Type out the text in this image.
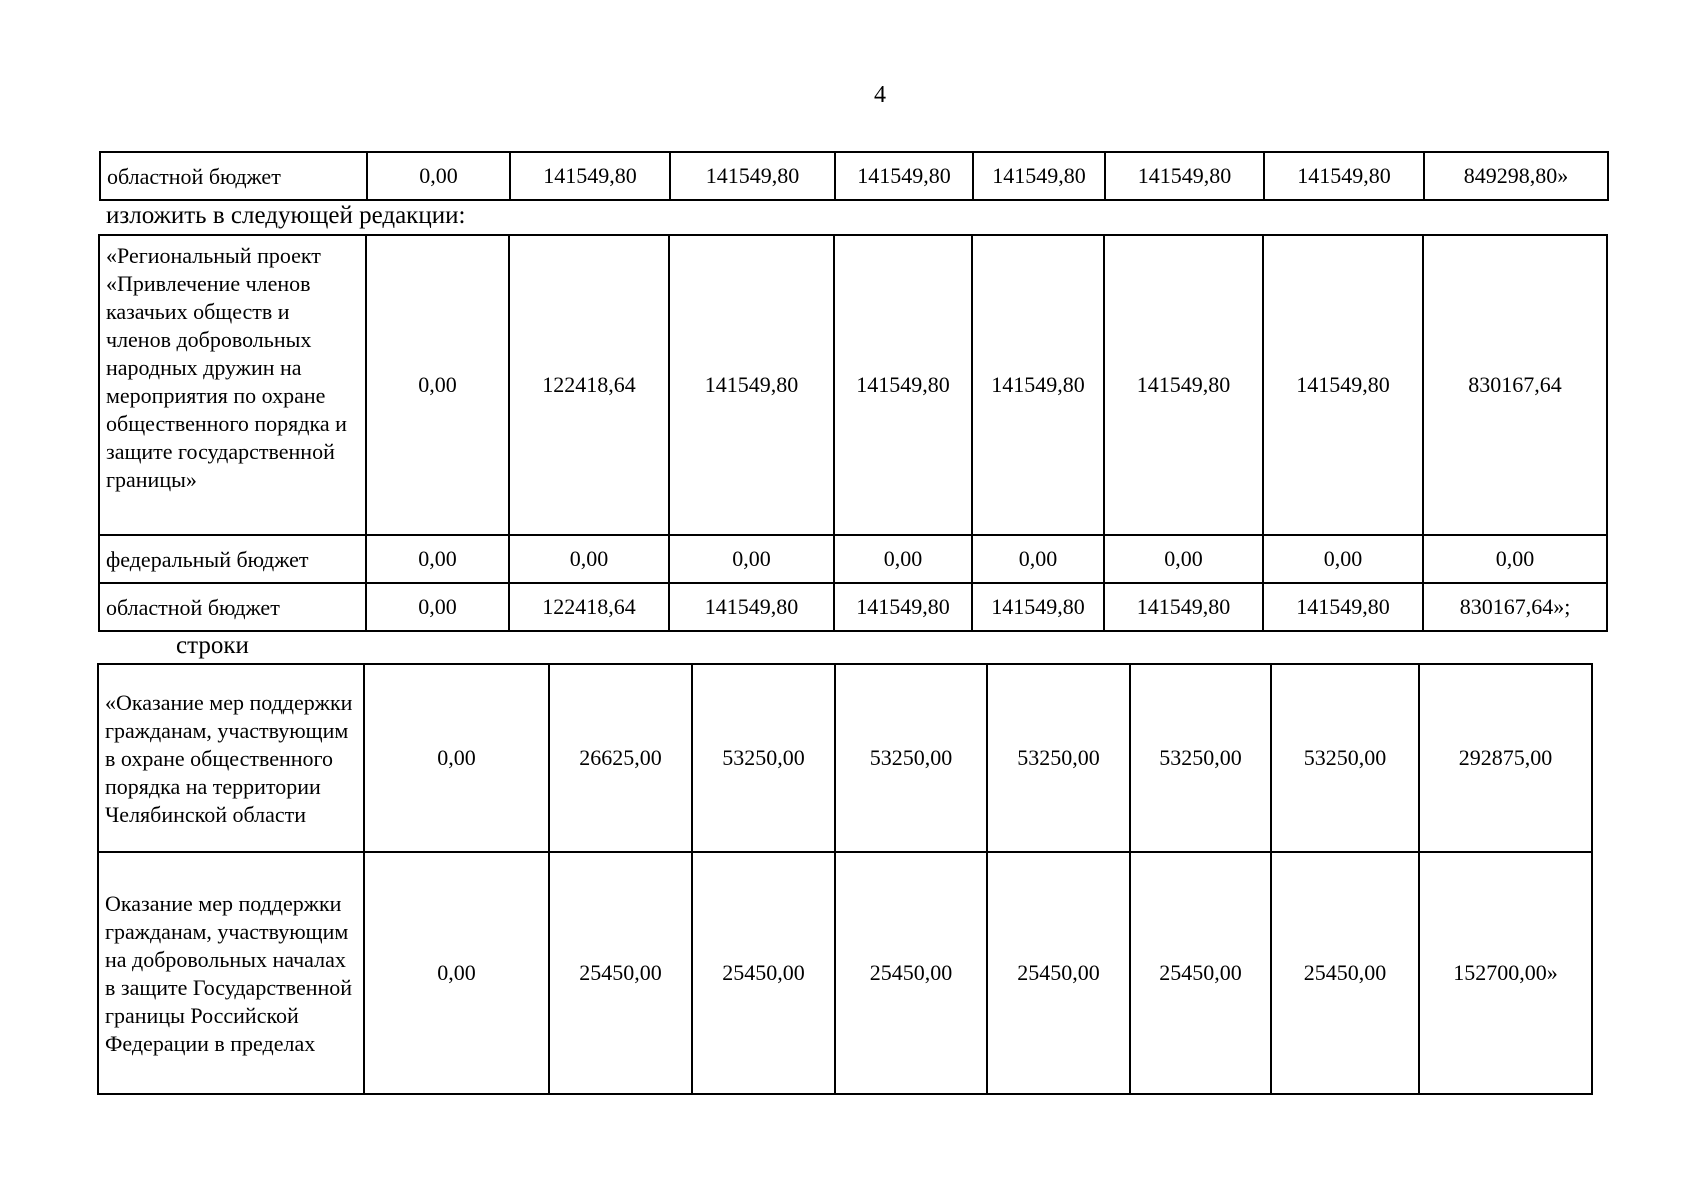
4
областной бюджет	0,00	141549,80	141549,80	141549,80	141549,80	141549,80	141549,80	849298,80»
изложить в следующей редакции:
«Региональный проект «Привлечение членов казачьих обществ и членов добровольных народных дружин на мероприятия по охране общественного порядка и защите государственной границы»	0,00	122418,64	141549,80	141549,80	141549,80	141549,80	141549,80	830167,64
федеральный бюджет	0,00	0,00	0,00	0,00	0,00	0,00	0,00	0,00
областной бюджет	0,00	122418,64	141549,80	141549,80	141549,80	141549,80	141549,80	830167,64»;
строки
«Оказание мер поддержки гражданам, участвующим в охране общественного порядка на территории Челябинской области	0,00	26625,00	53250,00	53250,00	53250,00	53250,00	53250,00	292875,00
Оказание мер поддержки гражданам, участвующим на добровольных началах в защите Государственной границы Российской Федерации в пределах	0,00	25450,00	25450,00	25450,00	25450,00	25450,00	25450,00	152700,00»
